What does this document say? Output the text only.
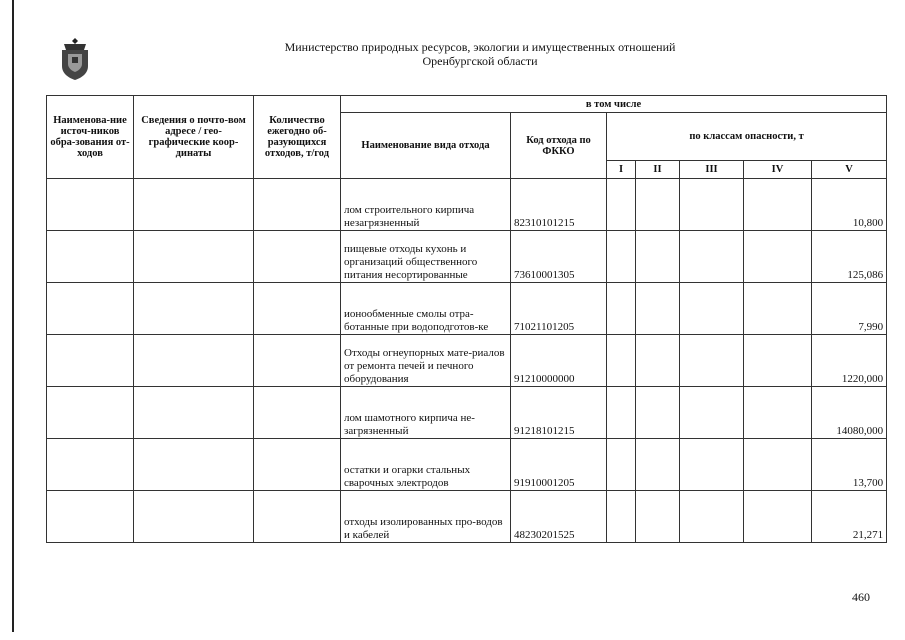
Министерство природных ресурсов, экологии и имущественных отношений
Оренбургской области
Наименова-ние источ-ников обра-зования от-ходов	Сведения о почто-вом адресе / гео-графические коор-динаты	Количество ежегодно об-разующихся отходов, т/год	в том числе						
			Наименование вида отхода	Код отхода по ФККО	по классам опасности, т				
					I	II	III	IV	V
			лом строительного кирпича незагрязненный	82310101215					10,800
			пищевые отходы кухонь и организаций общественного питания несортированные	73610001305					125,086
			ионообменные смолы отра-ботанные при водоподготов-ке	71021101205					7,990
			Отходы огнеупорных мате-риалов от ремонта печей и печного оборудования	91210000000					1220,000
			лом шамотного кирпича не-загрязненный	91218101215					14080,000
			остатки и огарки стальных сварочных электродов	91910001205					13,700
			отходы изолированных про-водов и кабелей	48230201525					21,271
460
